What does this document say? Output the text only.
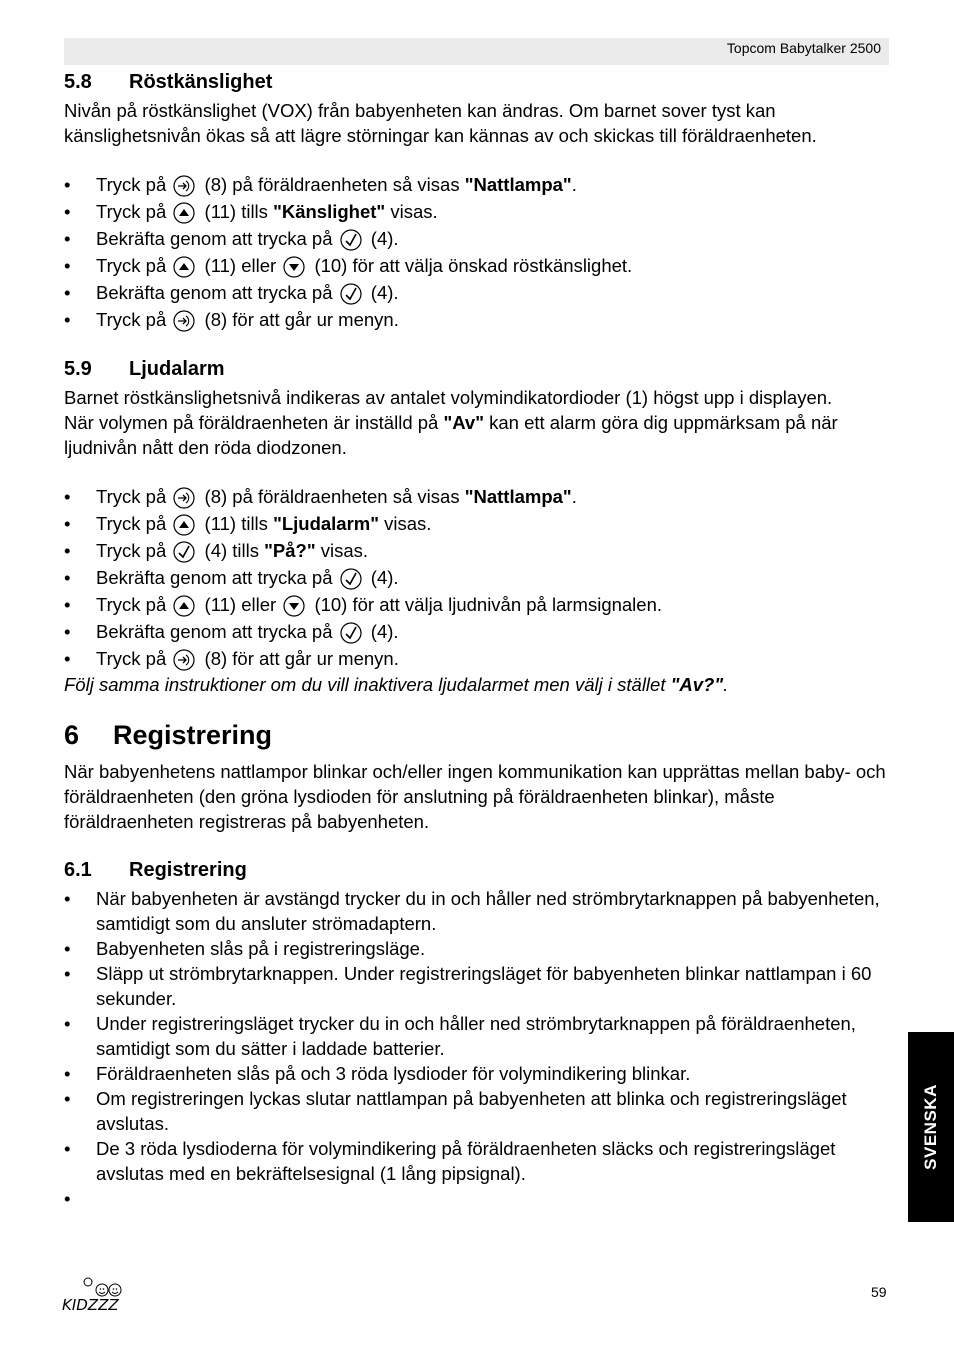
Topcom Babytalker 2500
5.8	Röstkänslighet

Nivån på röstkänslighet (VOX) från babyenheten kan ändras. Om barnet sover tyst kan känslighetsnivån ökas så att lägre störningar kan kännas av och skickas till föräldraenheten.

• Tryck på (8) på föräldraenheten så visas "Nattlampa".
• Tryck på (11) tills "Känslighet" visas.
• Bekräfta genom att trycka på (4).
• Tryck på (11) eller (10) för att välja önskad röstkänslighet.
• Bekräfta genom att trycka på (4).
• Tryck på (8) för att går ur menyn.
5.9	Ljudalarm

Barnet röstkänslighetsnivå indikeras av antalet volymindikatordioder (1) högst upp i displayen.

När volymen på föräldraenheten är inställd på "Av" kan ett alarm göra dig uppmärksam på när ljudnivån nått den röda diodzonen.

• Tryck på (8) på föräldraenheten så visas "Nattlampa".
• Tryck på (11) tills "Ljudalarm" visas.
• Tryck på (4) tills "På?" visas.
• Bekräfta genom att trycka på (4).
• Tryck på (11) eller (10) för att välja ljudnivån på larmsignalen.
• Bekräfta genom att trycka på (4).
• Tryck på (8) för att går ur menyn.

Följ samma instruktioner om du vill inaktivera ljudalarmet men välj i stället "Av?".

6	Registrering

När babyenhetens nattlampor blinkar och/eller ingen kommunikation kan upprättas mellan baby- och föräldraenheten (den gröna lysdioden för anslutning på föräldraenheten blinkar), måste föräldraenheten registreras på babyenheten.

6.1	Registrering
• När babyenheten är avstängd trycker du in och håller ned strömbrytarknappen på babyenheten, samtidigt som du ansluter strömadaptern.
• Babyenheten slås på i registreringsläge.
• Släpp ut strömbrytarknappen. Under registreringsläget för babyenheten blinkar nattlampan i 60 sekunder.
• Under registreringsläget trycker du in och håller ned strömbrytarknappen på föräldraenheten, samtidigt som du sätter i laddade batterier.
• Föräldraenheten slås på och 3 röda lysdioder för volymindikering blinkar.
• Om registreringen lyckas slutar nattlampan på babyenheten att blinka och registreringsläget avslutas.
• De 3 röda lysdioderna för volymindikering på föräldraenheten släcks och registreringsläget avslutas med en bekräftelsesignal (1 lång pipsignal).
•
SVENSKA
KIDZZZ
59
